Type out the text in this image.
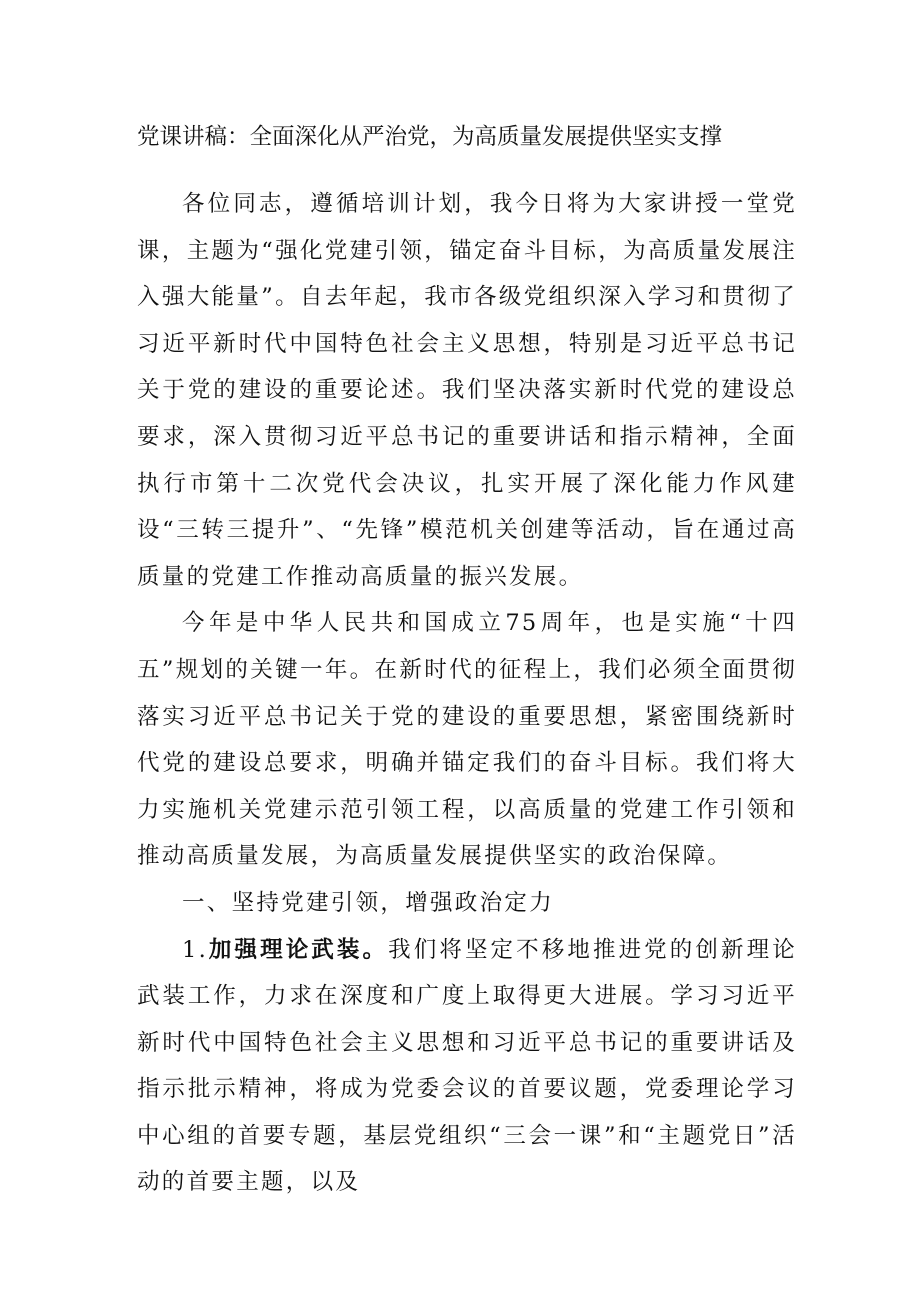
党课讲稿：全面深化从严治党，为高质量发展提供坚实支撑

各位同志，遵循培训计划，我今日将为大家讲授一堂党课，主题为“强化党建引领，锚定奋斗目标，为高质量发展注入强大能量”。自去年起，我市各级党组织深入学习和贯彻了习近平新时代中国特色社会主义思想，特别是习近平总书记关于党的建设的重要论述。我们坚决落实新时代党的建设总要求，深入贯彻习近平总书记的重要讲话和指示精神，全面执行市第十二次党代会决议，扎实开展了深化能力作风建设“三转三提升”、“先锋”模范机关创建等活动，旨在通过高质量的党建工作推动高质量的振兴发展。

今年是中华人民共和国成立75周年，也是实施“十四五”规划的关键一年。在新时代的征程上，我们必须全面贯彻落实习近平总书记关于党的建设的重要思想，紧密围绕新时代党的建设总要求，明确并锚定我们的奋斗目标。我们将大力实施机关党建示范引领工程，以高质量的党建工作引领和推动高质量发展，为高质量发展提供坚实的政治保障。

一、坚持党建引领，增强政治定力

1.加强理论武装。我们将坚定不移地推进党的创新理论武装工作，力求在深度和广度上取得更大进展。学习习近平新时代中国特色社会主义思想和习近平总书记的重要讲话及指示批示精神，将成为党委会议的首要议题，党委理论学习中心组的首要专题，基层党组织“三会一课”和“主题党日”活动的首要主题，以及
